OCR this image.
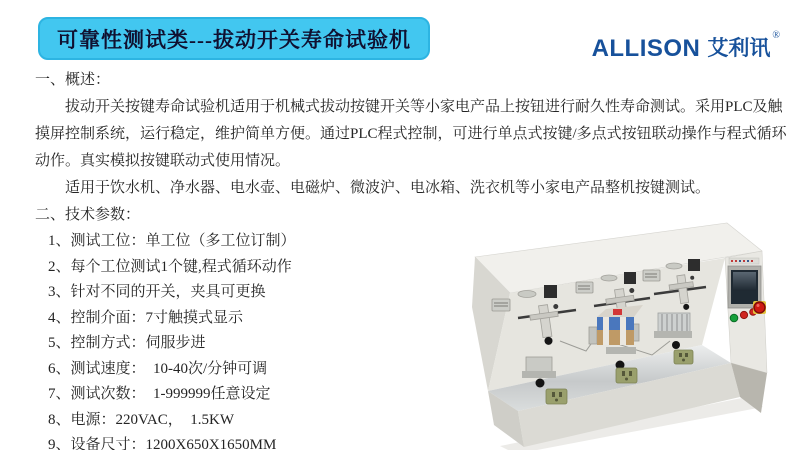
可靠性测试类---拔动开关寿命试验机	ALLISON 艾利讯
®
一、概述：

拔动开关按键寿命试验机适用于机械式拔动按键开关等小家电产品上按钮进行耐久性寿命测试。采用PLC及触摸屏控制系统，运行稳定，维护简单方便。通过PLC程式控制，可进行单点式按键/多点式按钮联动操作与程式循环动作。真实模拟按键联动式使用情况。

适用于饮水机、净水器、电水壶、电磁炉、微波沪、电冰箱、洗衣机等小家电产品整机按键测试。

二、技术参数：
1、测试工位：单工位（多工位订制）
2、每个工位测试1个键,程式循环动作
3、针对不同的开关，夹具可更换
4、控制介面：7寸触摸式显示
5、控制方式：伺服步进
6、测试速度：  10-40次/分钟可调
7、测试次数：  1-999999任意设定
8、电源：220VAC，  1.5KW
9、设备尺寸：1200X650X1650MM
